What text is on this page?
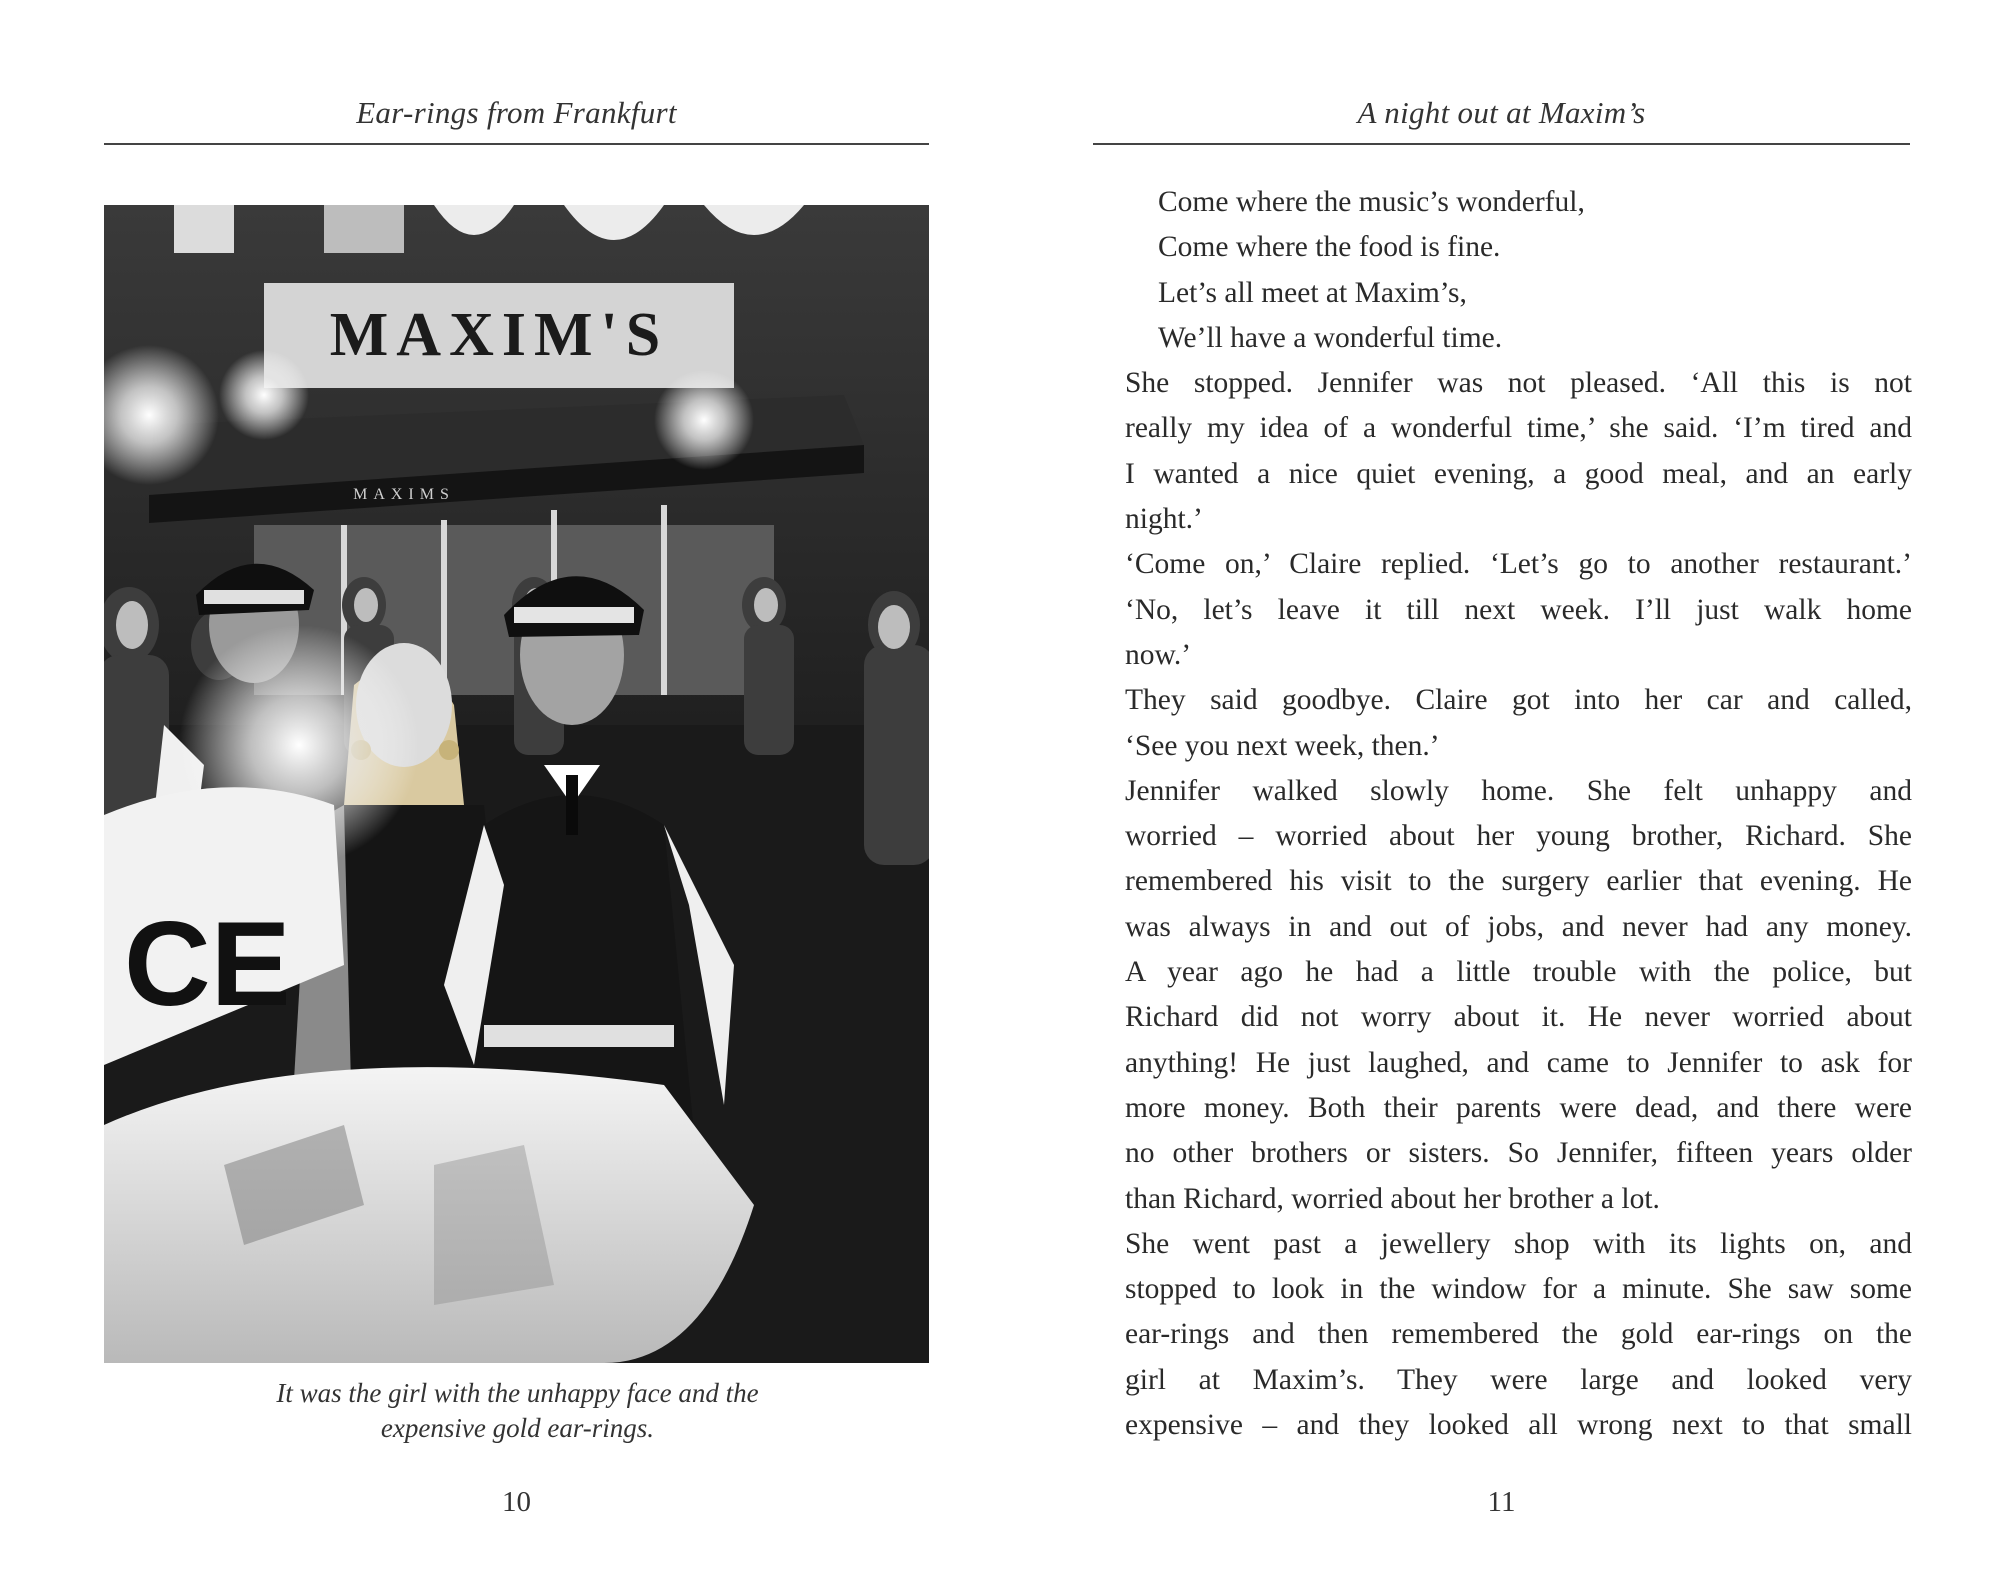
Ear-rings from Frankfurt
MAXIM'S
MAXIMS
CE
It was the girl with the unhappy face and the
expensive gold ear-rings.
10
A night out at Maxim’s
Come where the music’s wonderful,
Come where the food is fine.
Let’s all meet at Maxim’s,
We’ll have a wonderful time.

She stopped. Jennifer was not pleased. ‘All this is not
really my idea of a wonderful time,’ she said. ‘I’m tired and
I wanted a nice quiet evening, a good meal, and an early
night.’

‘Come on,’ Claire replied. ‘Let’s go to another restaurant.’

‘No, let’s leave it till next week. I’ll just walk home
now.’

They said goodbye. Claire got into her car and called,
‘See you next week, then.’

Jennifer walked slowly home. She felt unhappy and
worried – worried about her young brother, Richard. She
remembered his visit to the surgery earlier that evening. He
was always in and out of jobs, and never had any money.
A year ago he had a little trouble with the police, but
Richard did not worry about it. He never worried about
anything! He just laughed, and came to Jennifer to ask for
more money. Both their parents were dead, and there were
no other brothers or sisters. So Jennifer, fifteen years older
than Richard, worried about her brother a lot.

She went past a jewellery shop with its lights on, and
stopped to look in the window for a minute. She saw some
ear-rings and then remembered the gold ear-rings on the
girl at Maxim’s. They were large and looked very
expensive – and they looked all wrong next to that small

11
